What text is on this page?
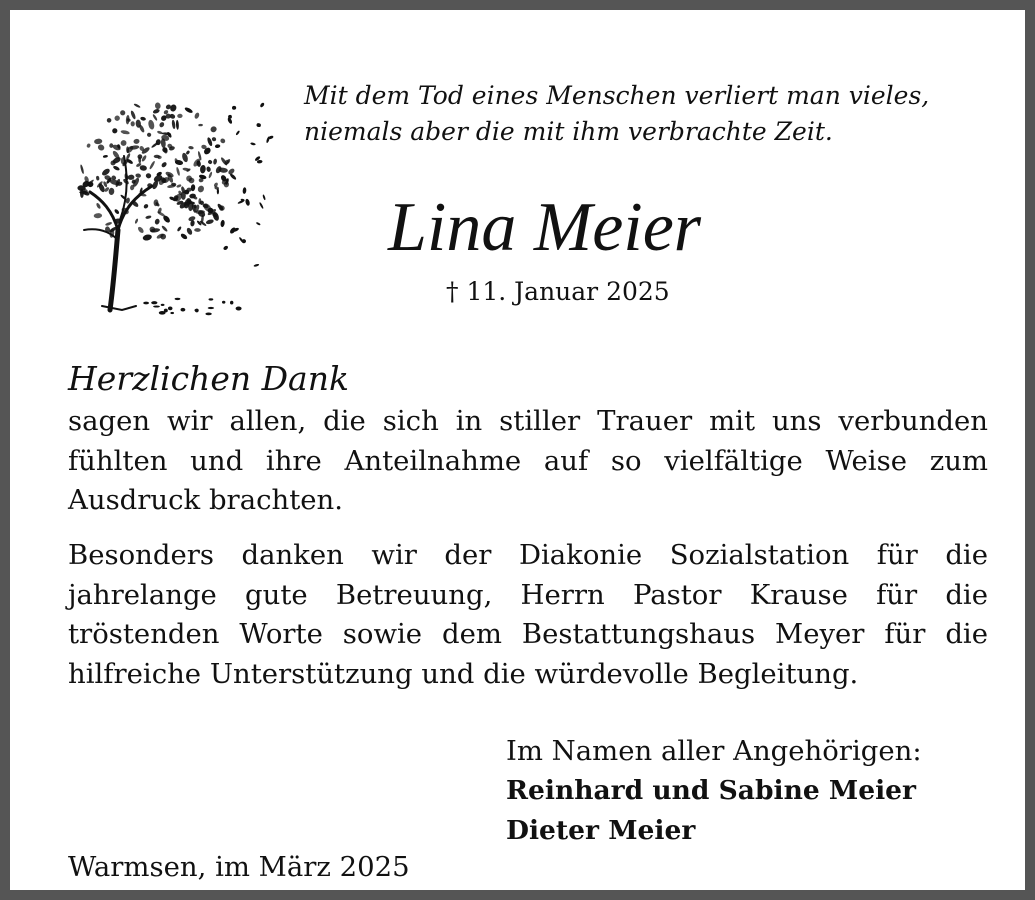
Mit dem Tod eines Menschen verliert man vieles,
niemals aber die mit ihm verbrachte Zeit.
Lina Meier
† 11. Januar 2025
Herzlichen Dank
sagen wir allen, die sich in stiller Trauer mit uns verbunden fühlten und ihre Anteilnahme auf so vielfältige Weise zum Ausdruck brachten.
Besonders danken wir der Diakonie Sozialstation für die jahrelange gute Betreuung, Herrn Pastor Krause für die tröstenden Worte sowie dem Bestattungshaus Meyer für die hilfreiche Unterstützung und die würdevolle Begleitung.
Im Namen aller Angehörigen:
Reinhard und Sabine Meier
Dieter Meier
Warmsen, im März 2025
